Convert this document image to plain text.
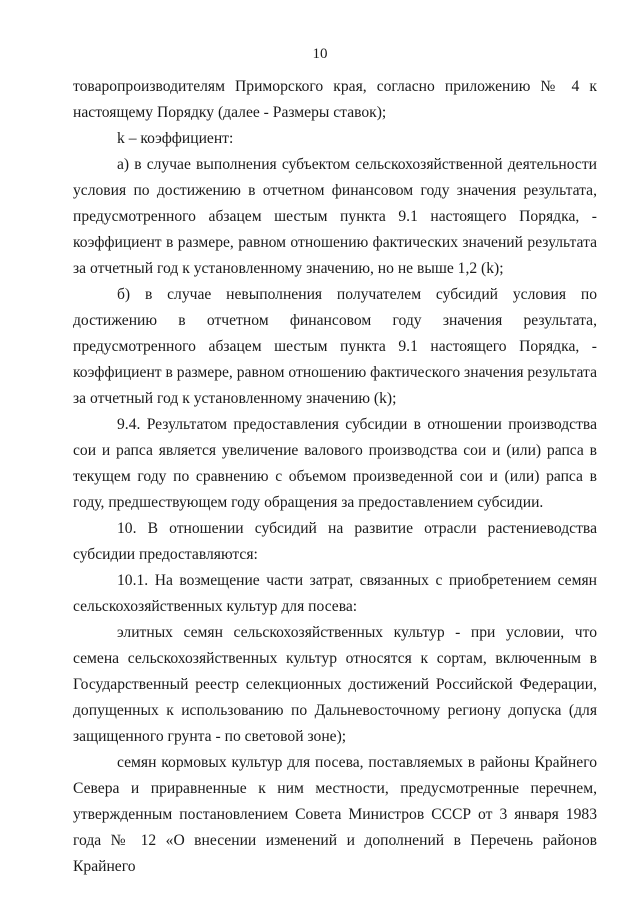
10

товаропроизводителям Приморского края, согласно приложению № 4 к настоящему Порядку (далее - Размеры ставок);

k – коэффициент:

а) в случае выполнения субъектом сельскохозяйственной деятельности условия по достижению в отчетном финансовом году значения результата, предусмотренного абзацем шестым пункта 9.1 настоящего Порядка, - коэффициент в размере, равном отношению фактических значений результата за отчетный год к установленному значению, но не выше 1,2 (k);

б) в случае невыполнения получателем субсидий условия по достижению в отчетном финансовом году значения результата, предусмотренного абзацем шестым пункта 9.1 настоящего Порядка, - коэффициент в размере, равном отношению фактического значения результата за отчетный год к установленному значению (k);

9.4. Результатом предоставления субсидии в отношении производства сои и рапса является увеличение валового производства сои и (или) рапса в текущем году по сравнению с объемом произведенной сои и (или) рапса в году, предшествующем году обращения за предоставлением субсидии.

10. В отношении субсидий на развитие отрасли растениеводства субсидии предоставляются:

10.1. На возмещение части затрат, связанных с приобретением семян сельскохозяйственных культур для посева:

элитных семян сельскохозяйственных культур - при условии, что семена сельскохозяйственных культур относятся к сортам, включенным в Государственный реестр селекционных достижений Российской Федерации, допущенных к использованию по Дальневосточному региону допуска (для защищенного грунта - по световой зоне);

семян кормовых культур для посева, поставляемых в районы Крайнего Севера и приравненные к ним местности, предусмотренные перечнем, утвержденным постановлением Совета Министров СССР от 3 января 1983 года № 12 «О внесении изменений и дополнений в Перечень районов Крайнего
